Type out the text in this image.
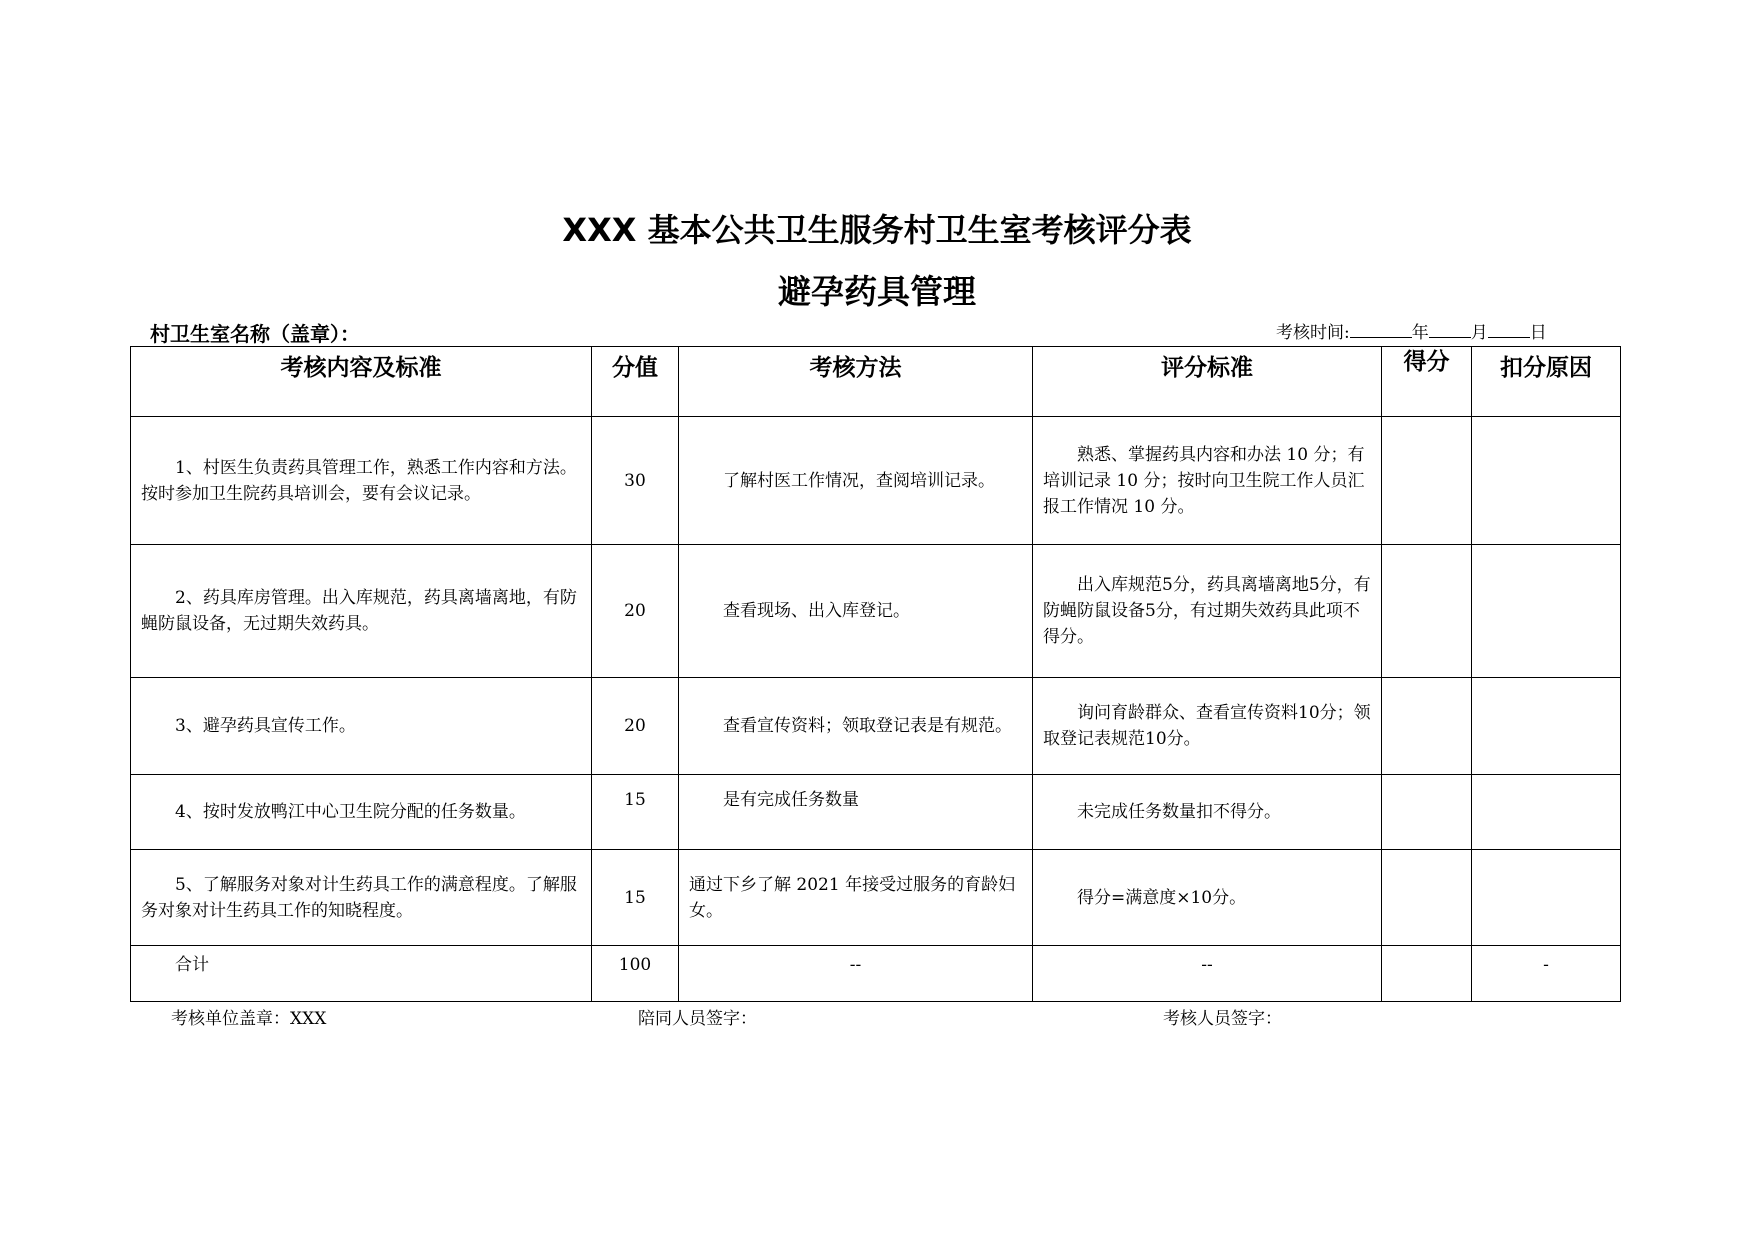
XXX 基本公共卫生服务村卫生室考核评分表
避孕药具管理
村卫生室名称（盖章）：	考核时间:	年 月 日
考核内容及标准	分值	考核方法	评分标准	得分	扣分原因
1、村医生负责药具管理工作，熟悉工作内容和方法。按时参加卫生院药具培训会，要有会议记录。	30	了解村医工作情况，查阅培训记录。	熟悉、掌握药具内容和办法 10 分；有培训记录 10 分；按时向卫生院工作人员汇报工作情况 10 分。		
2、药具库房管理。出入库规范，药具离墙离地，有防蝇防鼠设备，无过期失效药具。	20	查看现场、出入库登记。	出入库规范5分，药具离墙离地5分，有防蝇防鼠设备5分，有过期失效药具此项不得分。		
3、避孕药具宣传工作。	20	查看宣传资料；领取登记表是有规范。	询问育龄群众、查看宣传资料10分；领取登记表规范10分。		
4、按时发放鸭江中心卫生院分配的任务数量。	15	是有完成任务数量	未完成任务数量扣不得分。		
5、了解服务对象对计生药具工作的满意程度。了解服务对象对计生药具工作的知晓程度。	15	通过下乡了解 2021 年接受过服务的育龄妇女。	得分=满意度×10分。		
合计	100	--	--		-
考核单位盖章：XXX	陪同人员签字：	考核人员签字：
